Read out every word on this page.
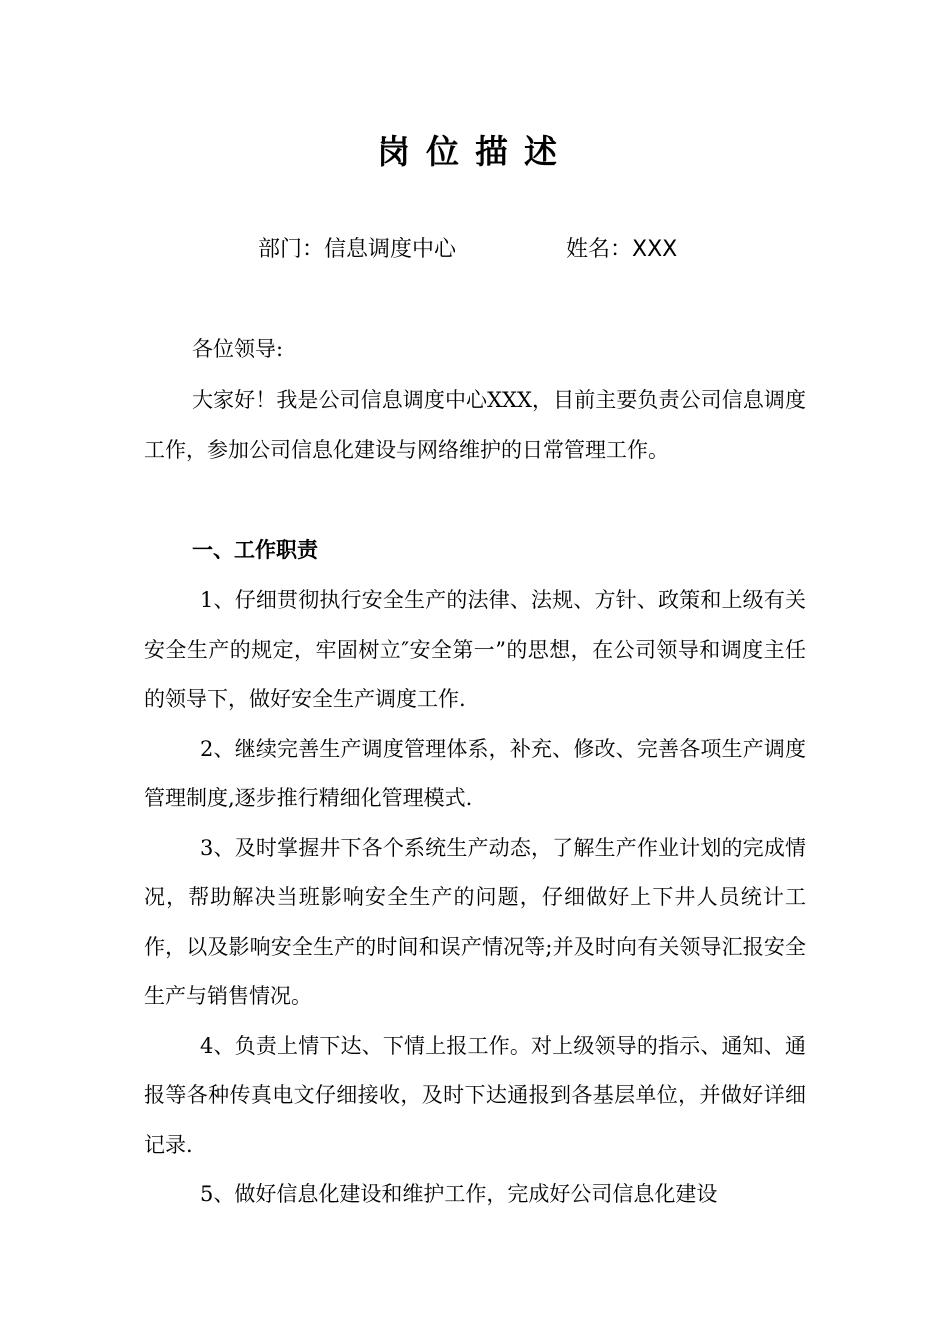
岗位描述
部门 ： 信息调度中心	姓名 ： XXX

各位领导:

大家好！我是公司信息调度中心XXX，目前主要负责公司信息调度工作，参加公司信息化建设与网络维护的日常管理工作。

一、工作职责

1、仔细贯彻执行安全生产的法律、法规、方针、政策和上级有关安全生产的规定，牢固树立″安全第一”的思想，在公司领导和调度主任的领导下，做好安全生产调度工作.

2、继续完善生产调度管理体系，补充、修改、完善各项生产调度管理制度,逐步推行精细化管理模式.

3、及时掌握井下各个系统生产动态，了解生产作业计划的完成情况，帮助解决当班影响安全生产的问题，仔细做好上下井人员统计工作，以及影响安全生产的时间和误产情况等;并及时向有关领导汇报安全生产与销售情况。

4、负责上情下达、下情上报工作。对上级领导的指示、通知、通报等各种传真电文仔细接收，及时下达通报到各基层单位，并做好详细记录.

5、做好信息化建设和维护工作，完成好公司信息化建设
